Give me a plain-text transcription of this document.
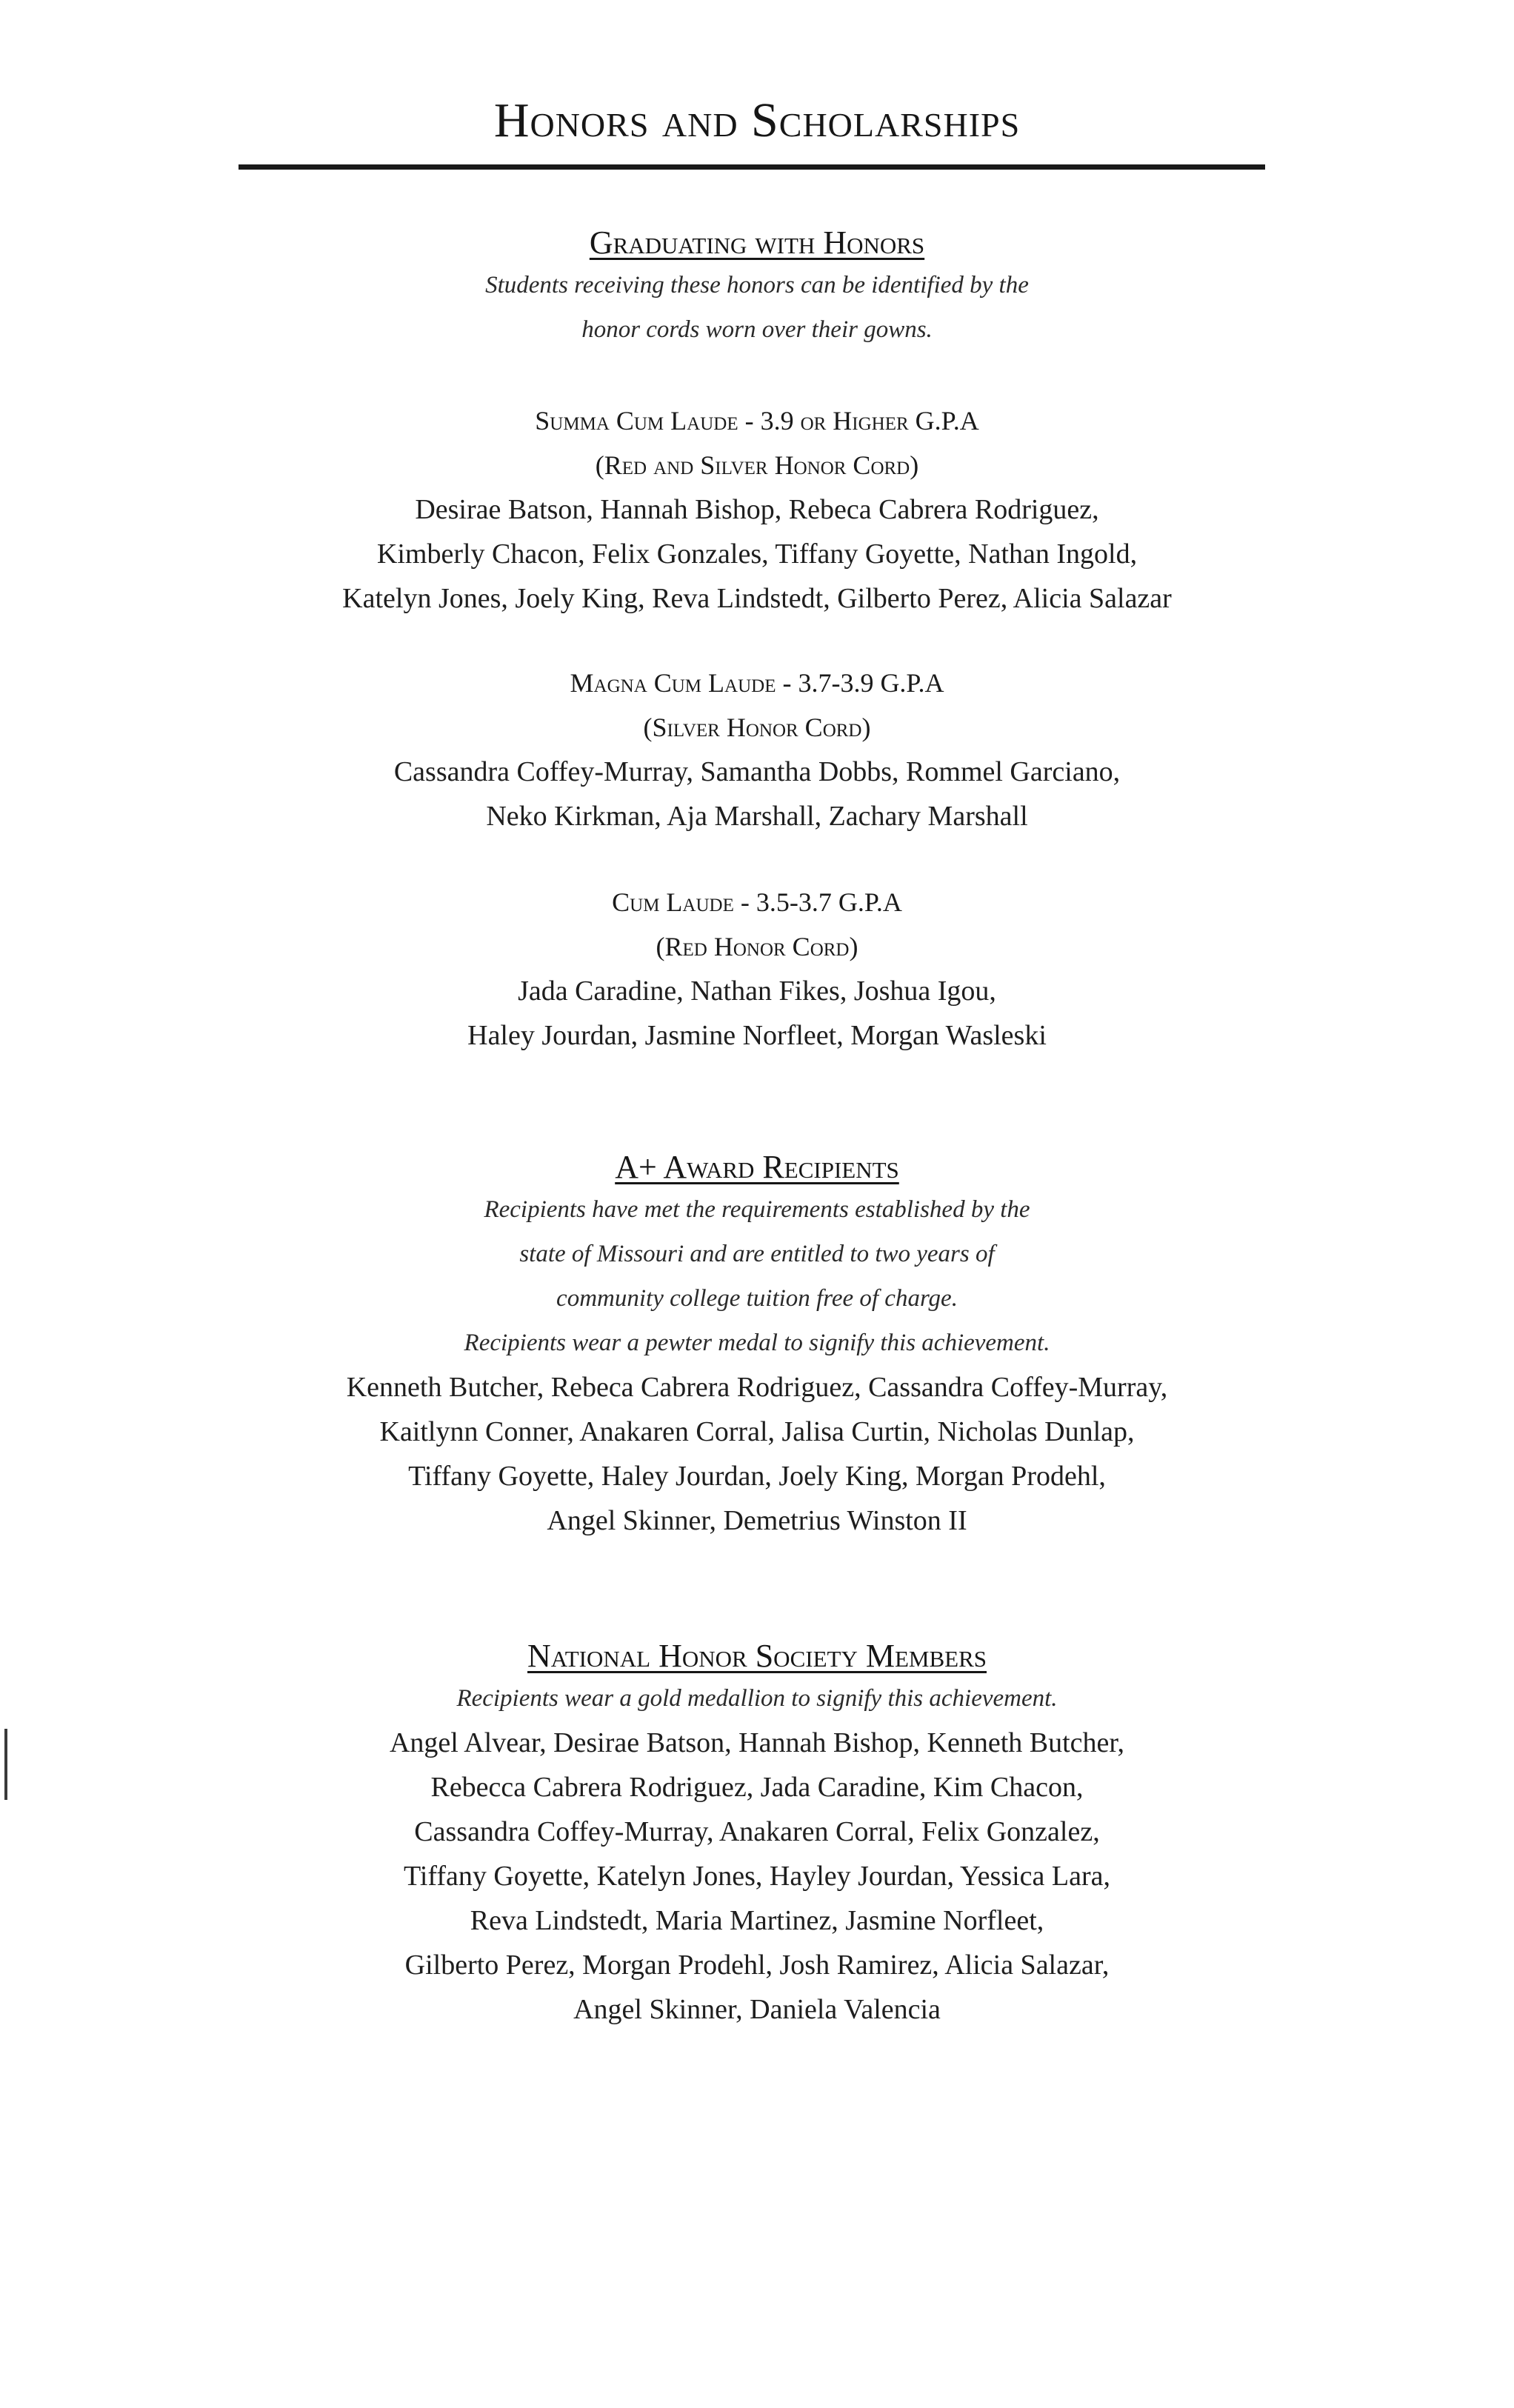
Honors and Scholarships
Graduating with Honors
Students receiving these honors can be identified by the
honor cords worn over their gowns.
Summa Cum Laude - 3.9 or Higher G.P.A
(Red and Silver Honor Cord)
Desirae Batson, Hannah Bishop, Rebeca Cabrera Rodriguez,
Kimberly Chacon, Felix Gonzales, Tiffany Goyette, Nathan Ingold,
Katelyn Jones, Joely King, Reva Lindstedt, Gilberto Perez, Alicia Salazar
Magna Cum Laude - 3.7-3.9 G.P.A
(Silver Honor Cord)
Cassandra Coffey-Murray, Samantha Dobbs, Rommel Garciano,
Neko Kirkman, Aja Marshall, Zachary Marshall
Cum Laude - 3.5-3.7 G.P.A
(Red Honor Cord)
Jada Caradine, Nathan Fikes, Joshua Igou,
Haley Jourdan, Jasmine Norfleet, Morgan Wasleski
A+ Award Recipients
Recipients have met the requirements established by the
state of Missouri and are entitled to two years of
community college tuition free of charge.
Recipients wear a pewter medal to signify this achievement.
Kenneth Butcher, Rebeca Cabrera Rodriguez, Cassandra Coffey-Murray,
Kaitlynn Conner, Anakaren Corral, Jalisa Curtin, Nicholas Dunlap,
Tiffany Goyette, Haley Jourdan, Joely King, Morgan Prodehl,
Angel Skinner, Demetrius Winston II
National Honor Society Members
Recipients wear a gold medallion to signify this achievement.
Angel Alvear, Desirae Batson, Hannah Bishop, Kenneth Butcher,
Rebecca Cabrera Rodriguez, Jada Caradine, Kim Chacon,
Cassandra Coffey-Murray, Anakaren Corral, Felix Gonzalez,
Tiffany Goyette, Katelyn Jones, Hayley Jourdan, Yessica Lara,
Reva Lindstedt, Maria Martinez, Jasmine Norfleet,
Gilberto Perez, Morgan Prodehl, Josh Ramirez, Alicia Salazar,
Angel Skinner, Daniela Valencia
